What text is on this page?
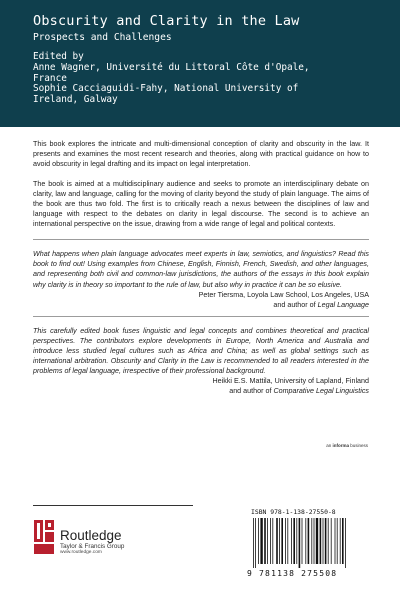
Obscurity and Clarity in the Law
Prospects and Challenges
Edited by
Anne Wagner, Université du Littoral Côte d'Opale,
France
Sophie Cacciaguidi-Fahy, National University of
Ireland, Galway

This book explores the intricate and multi-dimensional conception of clarity and obscurity in the law. It presents and examines the most recent research and theories, along with practical guidance on how to avoid obscurity in legal drafting and its impact on legal interpretation.

The book is aimed at a multidisciplinary audience and seeks to promote an interdisciplinary debate on clarity, law and language, calling for the moving of clarity beyond the study of plain language. The aims of the book are thus two fold. The first is to critically reach a nexus between the disciplines of law and language with respect to the debates on clarity in legal discourse. The second is to achieve an international perspective on the issue, drawing from a wide range of legal and political contexts.

What happens when plain language advocates meet experts in law, semiotics, and linguistics? Read this book to find out! Using examples from Chinese, English, Finnish, French, Swedish, and other languages, and representing both civil and common-law jurisdictions, the authors of the essays in this book explain why clarity is in theory so important to the rule of law, but also why in practice it can be so elusive.

Peter Tiersma, Loyola Law School, Los Angeles, USA
and author of Legal Language

This carefully edited book fuses linguistic and legal concepts and combines theoretical and practical perspectives. The contributors explore developments in Europe, North America and Australia and introduce less studied legal cultures such as Africa and China; as well as global settings such as international arbitration. Obscurity and Clarity in the Law is recommended to all readers interested in the problems of legal language, irrespective of their professional background.

Heikki E.S. Mattila, University of Lapland, Finland
and author of Comparative Legal Linguistics
an informa business
Routledge
Taylor & Francis Group
www.routledge.com
ISBN 978-1-138-27550-8
9 781138 275508
